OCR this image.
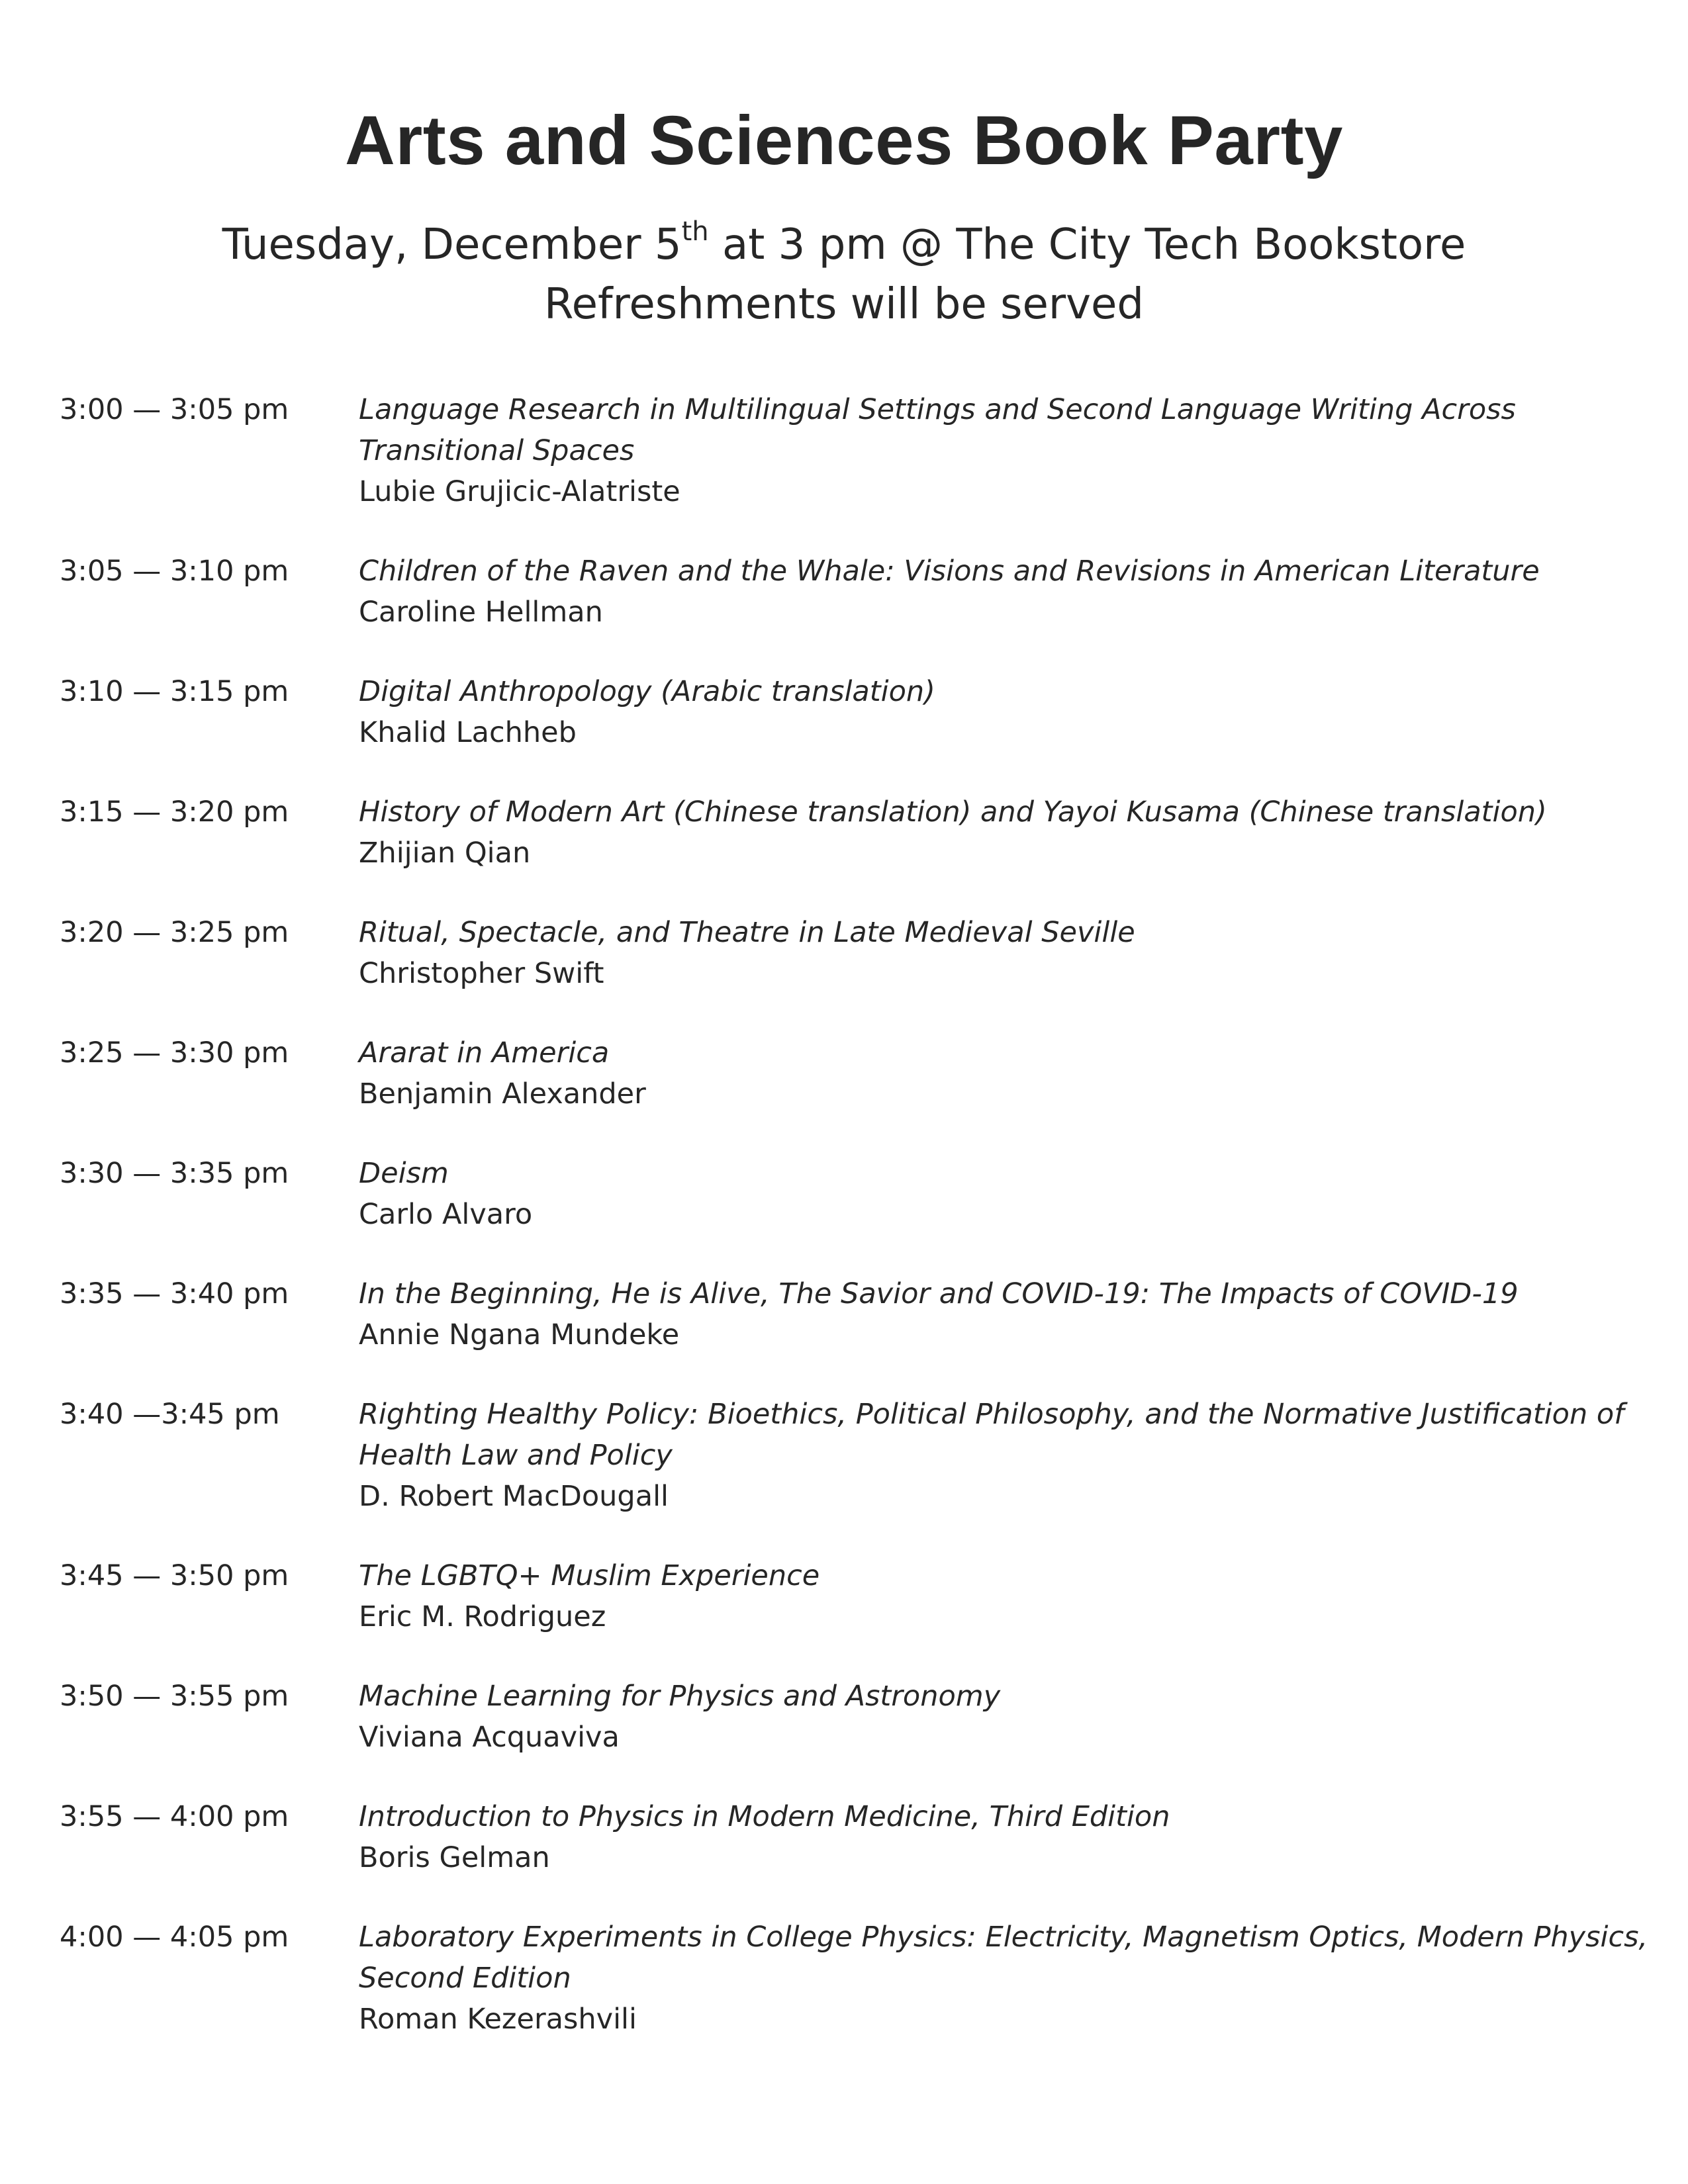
Arts and Sciences Book Party
Tuesday, December 5th at 3 pm @ The City Tech Bookstore
Refreshments will be served
3:00 — 3:05 pm	Language Research in Multilingual Settings and Second Language Writing Across Transitional Spaces
Lubie Grujicic-Alatriste
3:05 — 3:10 pm	Children of the Raven and the Whale: Visions and Revisions in American Literature
Caroline Hellman
3:10 — 3:15 pm	Digital Anthropology (Arabic translation)
Khalid Lachheb
3:15 — 3:20 pm	History of Modern Art (Chinese translation) and Yayoi Kusama (Chinese translation)
Zhijian Qian
3:20 — 3:25 pm	Ritual, Spectacle, and Theatre in Late Medieval Seville
Christopher Swift
3:25 — 3:30 pm	Ararat in America
Benjamin Alexander
3:30 — 3:35 pm	Deism
Carlo Alvaro
3:35 — 3:40 pm	In the Beginning, He is Alive, The Savior and COVID-19: The Impacts of COVID-19
Annie Ngana Mundeke
3:40 —3:45 pm	Righting Healthy Policy: Bioethics, Political Philosophy, and the Normative Justification of Health Law and Policy
D. Robert MacDougall
3:45 — 3:50 pm	The LGBTQ+ Muslim Experience
Eric M. Rodriguez
3:50 — 3:55 pm	Machine Learning for Physics and Astronomy
Viviana Acquaviva
3:55 — 4:00 pm	Introduction to Physics in Modern Medicine, Third Edition
Boris Gelman
4:00 — 4:05 pm	Laboratory Experiments in College Physics: Electricity, Magnetism Optics, Modern Physics, Second Edition
Roman Kezerashvili
